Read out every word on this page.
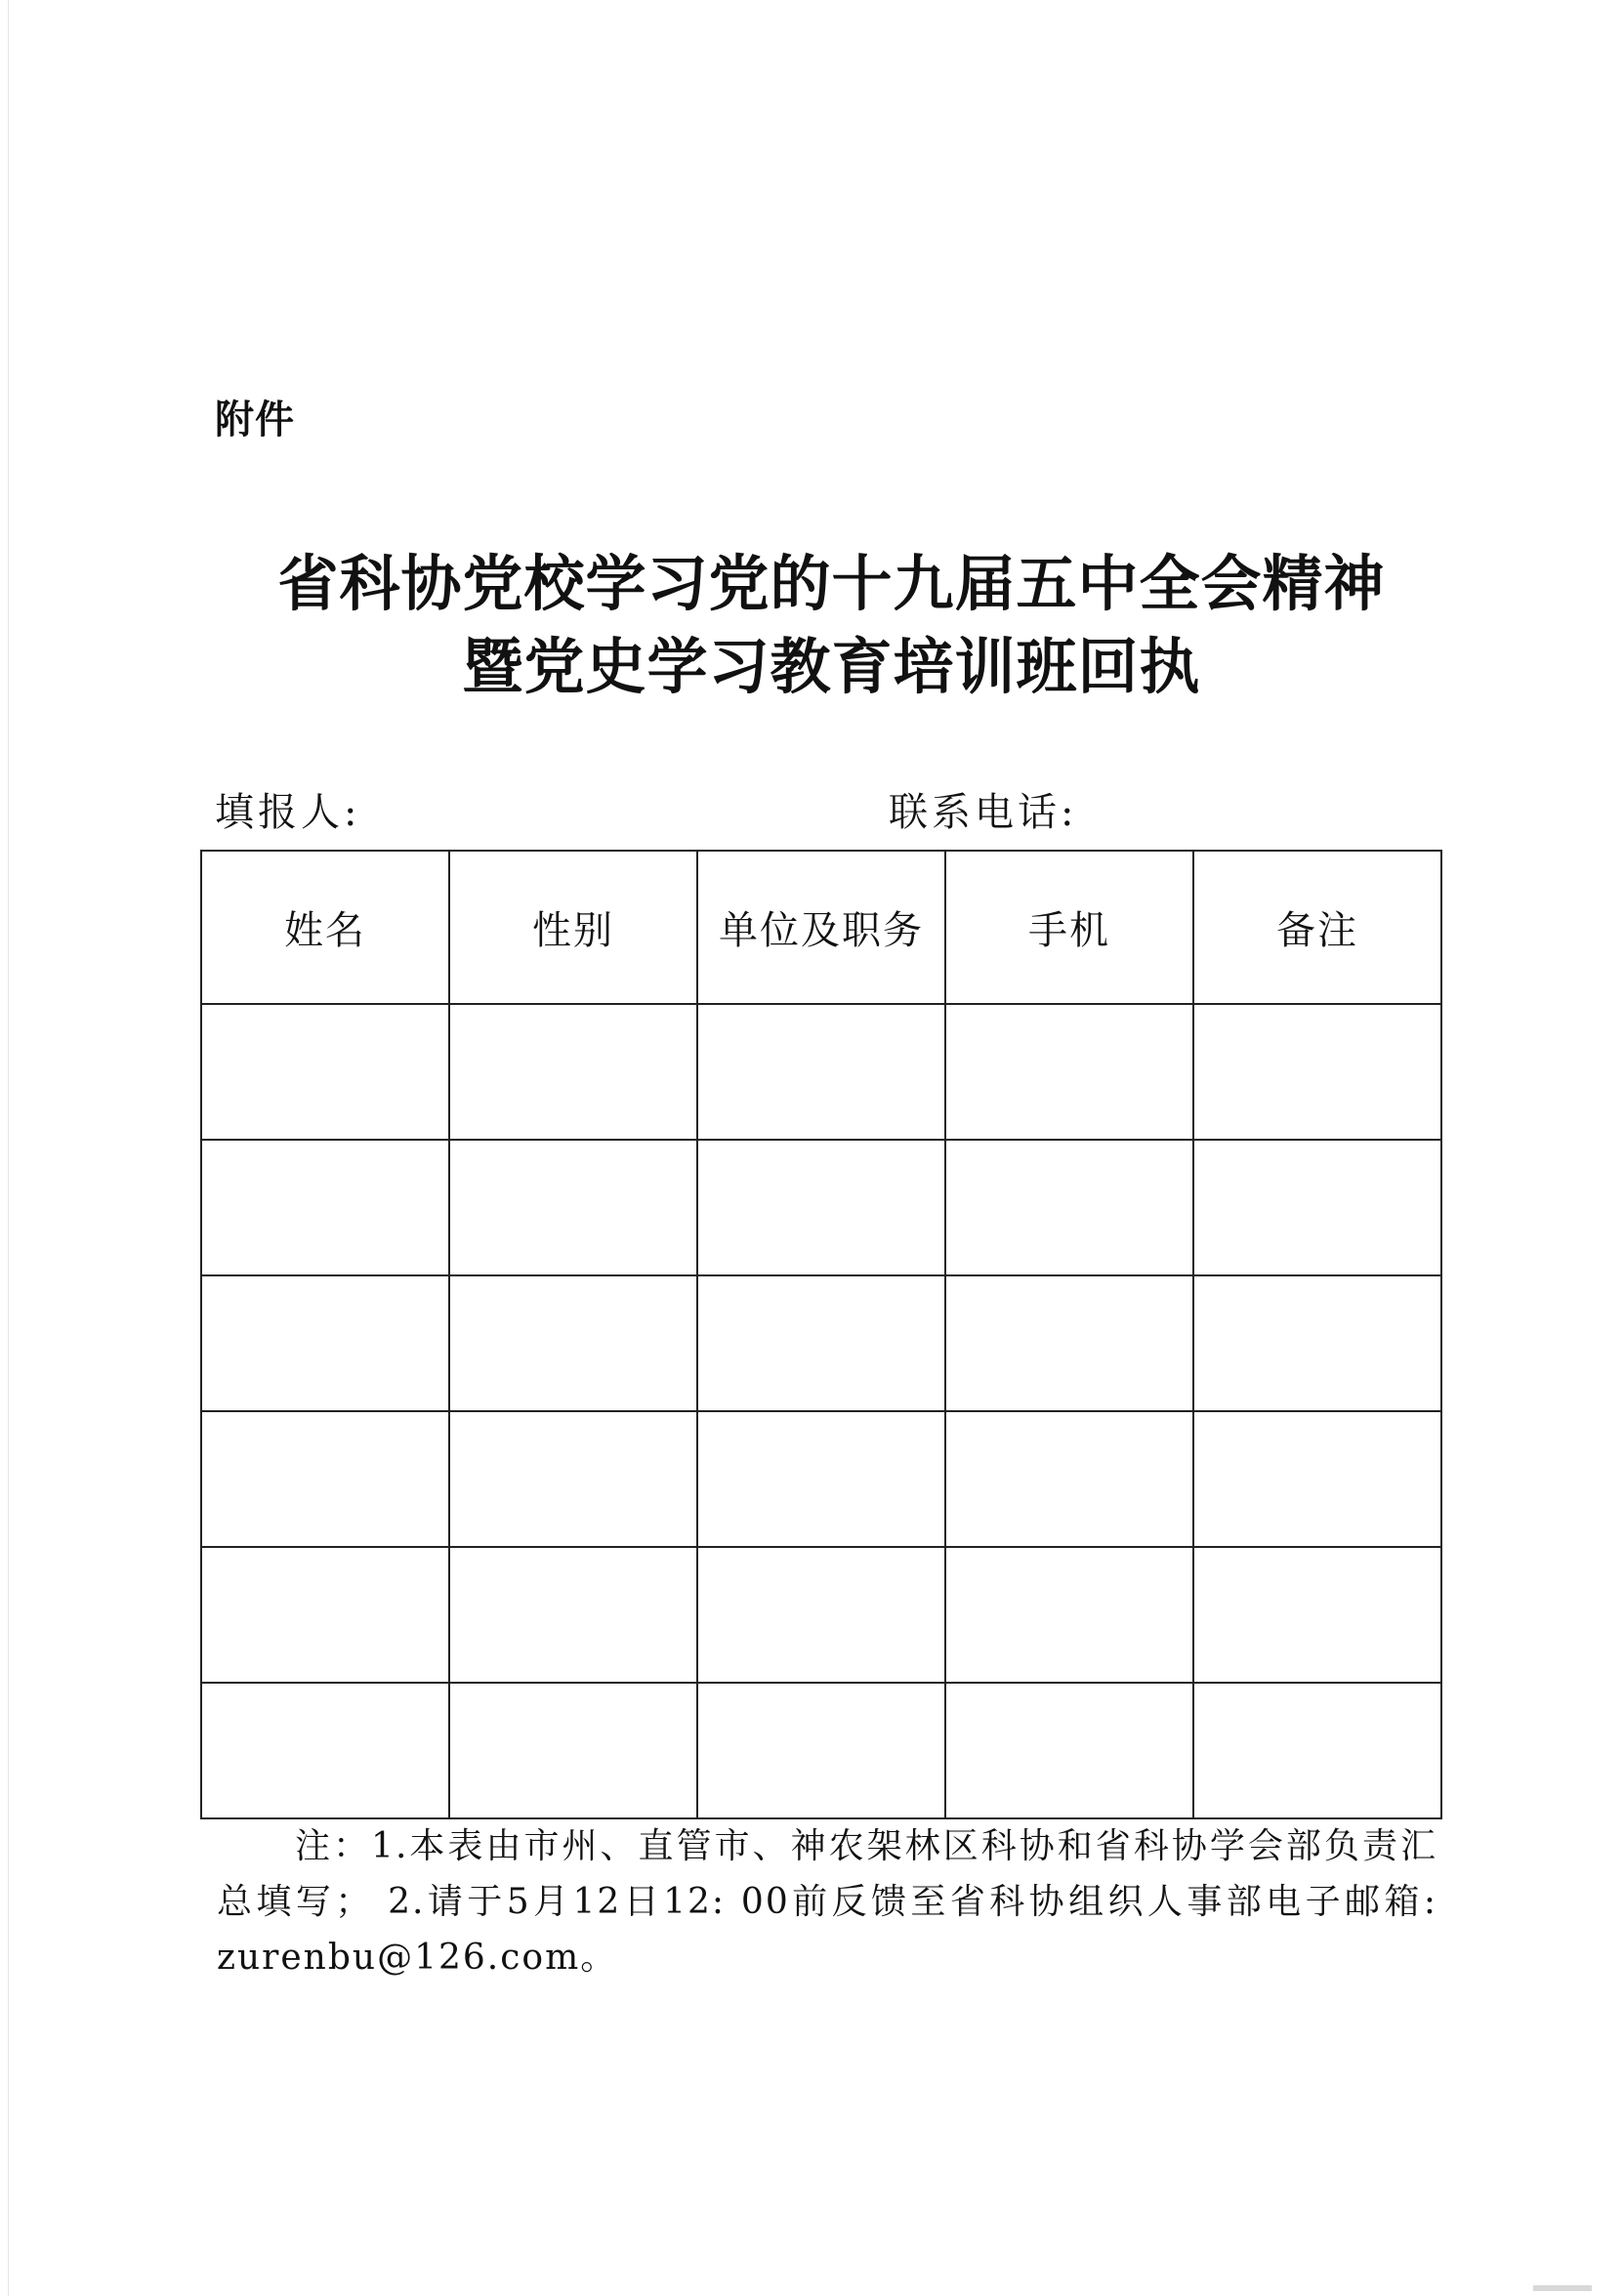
附件
省科协党校学习党的十九届五中全会精神
暨党史学习教育培训班回执
填报人:	联系电话:
姓名	性别	单位及职务	手机	备注

注：1.本表由市州、直管市、神农架林区科协和省科协学会部负责汇总填写； 2.请于5月12日12: 00前反馈至省科协组织人事部电子邮箱: zurenbu@126.com。
